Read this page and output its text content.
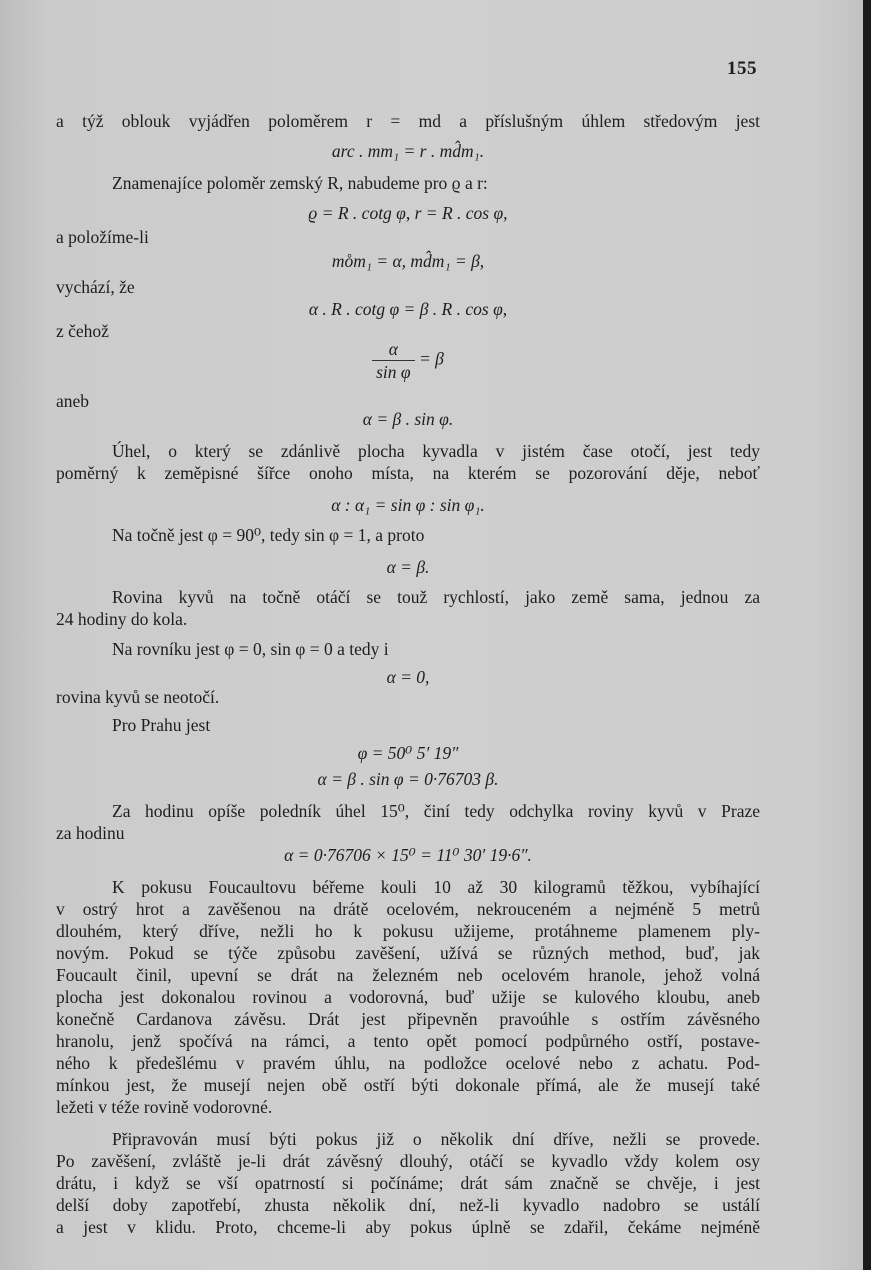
155
a týž oblouk vyjádřen poloměrem r = md a příslušným úhlem středovým jest
arc . mm₁ = r . md̂m₁.
Znamenajíce poloměr zemský R, nabudeme pro ϱ a r:
ϱ = R . cotg φ, r = R . cos φ,
a položíme-li
mo̊m₁ = α, md̂m₁ = β,
vychází, že
α . R . cotg φ = β . R . cos φ,
z čehož
$\frac{\alpha}{\text{sin φ}} = \beta$
aneb
α = β . sin φ.
Úhel, o který se zdánlivě plocha kyvadla v jistém čase otočí, jest tedy
poměrný k zeměpisné šířce onoho místa, na kterém se pozorování děje, neboť
α : α₁ = sin φ : sin φ₁.
Na točně jest φ = 90⁰, tedy sin φ = 1, a proto
α = β.
Rovina kyvů na točně otáčí se touž rychlostí, jako země sama, jednou za
24 hodiny do kola.
Na rovníku jest φ = 0, sin φ = 0 a tedy i
α = 0,
rovina kyvů se neotočí.
Pro Prahu jest
φ = 50⁰ 5′ 19″
α = β . sin φ = 0·76703 β.
Za hodinu opíše poledník úhel 15⁰, činí tedy odchylka roviny kyvů v Praze
za hodinu
α = 0·76706 × 15⁰ = 11⁰ 30′ 19·6″.
K pokusu Foucaultovu béřeme kouli 10 až 30 kilogramů těžkou, vybíhající
v ostrý hrot a zavěšenou na drátě ocelovém, nekrouceném a nejméně 5 metrů
dlouhém, který dříve, nežli ho k pokusu užijeme, protáhneme plamenem ply-
novým. Pokud se týče způsobu zavěšení, užívá se různých method, buď, jak
Foucault činil, upevní se drát na železném neb ocelovém hranole, jehož volná
plocha jest dokonalou rovinou a vodorovná, buď užije se kulového kloubu, aneb
konečně Cardanova závěsu. Drát jest připevněn pravoúhle s ostřím závěsného
hranolu, jenž spočívá na rámci, a tento opět pomocí podpůrného ostří, postave-
ného k předešlému v pravém úhlu, na podložce ocelové nebo z achatu. Pod-
mínkou jest, že musejí nejen obě ostří býti dokonale přímá, ale že musejí také
ležeti v téže rovině vodorovné.
Připravován musí býti pokus již o několik dní dříve, nežli se provede.
Po zavěšení, zvláště je-li drát závěsný dlouhý, otáčí se kyvadlo vždy kolem osy
drátu, i když se vší opatrností si počínáme; drát sám značně se chvěje, i jest
delší doby zapotřebí, zhusta několik dní, než-li kyvadlo nadobro se ustálí
a jest v klidu. Proto, chceme-li aby pokus úplně se zdařil, čekáme nejméně
